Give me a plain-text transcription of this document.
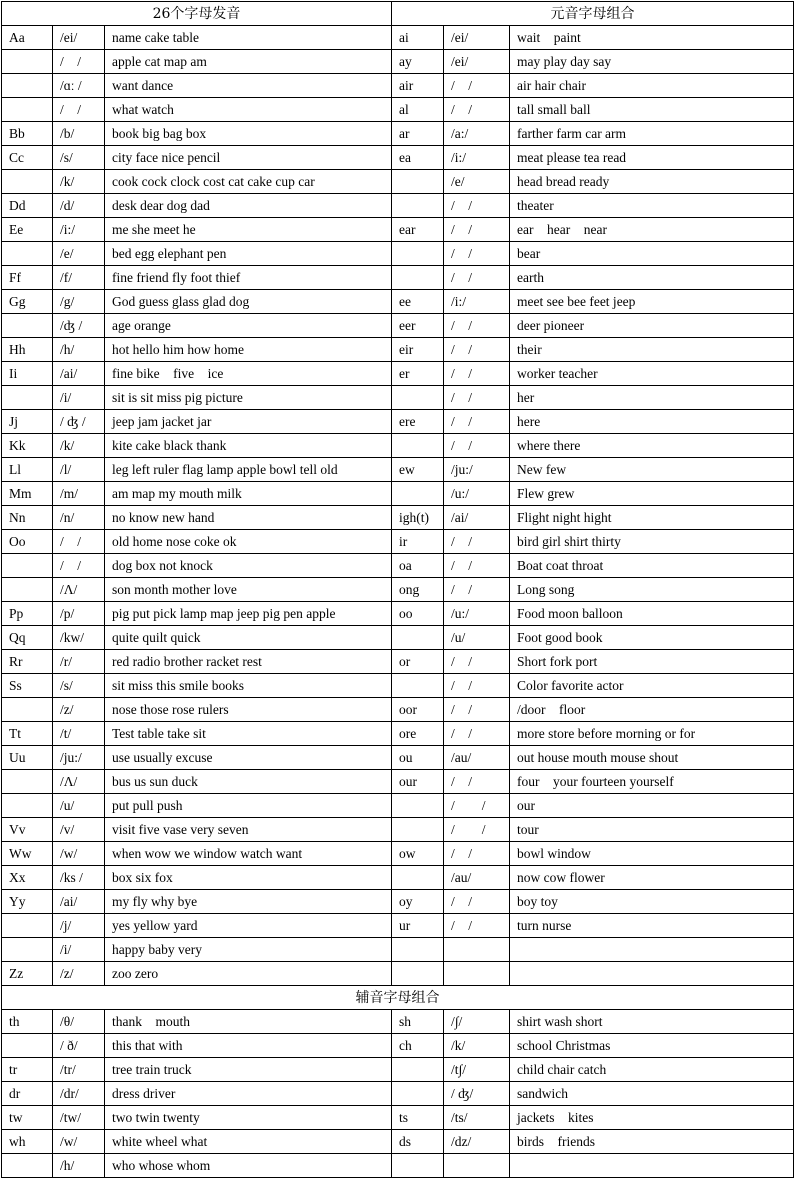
26个字母发音			元音字母组合		
Aa	/ei/	name cake table	ai	/ei/	wait　paint
	/　/	apple cat map am	ay	/ei/	may play day say
	/ɑː /	want dance	air	/　/	air hair chair
	/　/	what watch	al	/　/	tall small ball
Bb	/b/	book big bag box	ar	/a:/	farther farm car arm
Cc	/s/	city face nice pencil	ea	/i:/	meat please tea read
	/k/	cook cock clock cost cat cake cup car		/e/	head bread ready
Dd	/d/	desk dear dog dad		/　/	theater
Ee	/i:/	me she meet he	ear	/　/	ear　hear　near
	/e/	bed egg elephant pen		/　/	bear
Ff	/f/	fine friend fly foot thief		/　/	earth
Gg	/g/	God guess glass glad dog	ee	/i:/	meet see bee feet jeep
	/ʤ /	age orange	eer	/　/	deer pioneer
Hh	/h/	hot hello him how home	eir	/　/	their
Ii	/ai/	fine bike　five　ice	er	/　/	worker teacher
	/i/	sit is sit miss pig picture		/　/	her
Jj	/ ʤ /	jeep jam jacket jar	ere	/　/	here
Kk	/k/	kite cake black thank		/　/	where there
Ll	/l/	leg left ruler flag lamp apple bowl tell old	ew	/ju:/	New few
Mm	/m/	am map my mouth milk		/u:/	Flew grew
Nn	/n/	no know new hand	igh(t)	/ai/	Flight night hight
Oo	/　/	old home nose coke ok	ir	/　/	bird girl shirt thirty
	/　/	dog box not knock	oa	/　/	Boat coat throat
	/Λ/	son month mother love	ong	/　/	Long song
Pp	/p/	pig put pick lamp map jeep pig pen apple	oo	/u:/	Food moon balloon
Qq	/kw/	quite quilt quick		/u/	Foot good book
Rr	/r/	red radio brother racket rest	or	/　/	Short fork port
Ss	/s/	sit miss this smile books		/　/	Color favorite actor
	/z/	nose those rose rulers	oor	/　/	/door　floor
Tt	/t/	Test table take sit	ore	/　/	more store before morning or for
Uu	/ju:/	use usually excuse	ou	/au/	out house mouth mouse shout
	/Λ/	bus us sun duck	our	/　/	four　your fourteen yourself
	/u/	put pull push		/　　/	our
Vv	/v/	visit five vase very seven		/　　/	tour
Ww	/w/	when wow we window watch want	ow	/　/	bowl window
Xx	/ks /	box six fox		/au/	now cow flower
Yy	/ai/	my fly why bye	oy	/　/	boy toy
	/j/	yes yellow yard	ur	/　/	turn nurse
	/i/	happy baby very			
Zz	/z/	zoo zero			
辅音字母组合					
th	/θ/	thank　mouth	sh	/∫/	shirt wash short
	/ ð/	this that with	ch	/k/	school Christmas
tr	/tr/	tree train truck		/t∫/	child chair catch
dr	/dr/	dress driver		/ ʤ/	sandwich
tw	/tw/	two twin twenty	ts	/ts/	jackets　kites
wh	/w/	white wheel what	ds	/dz/	birds　friends
	/h/	who whose whom			
